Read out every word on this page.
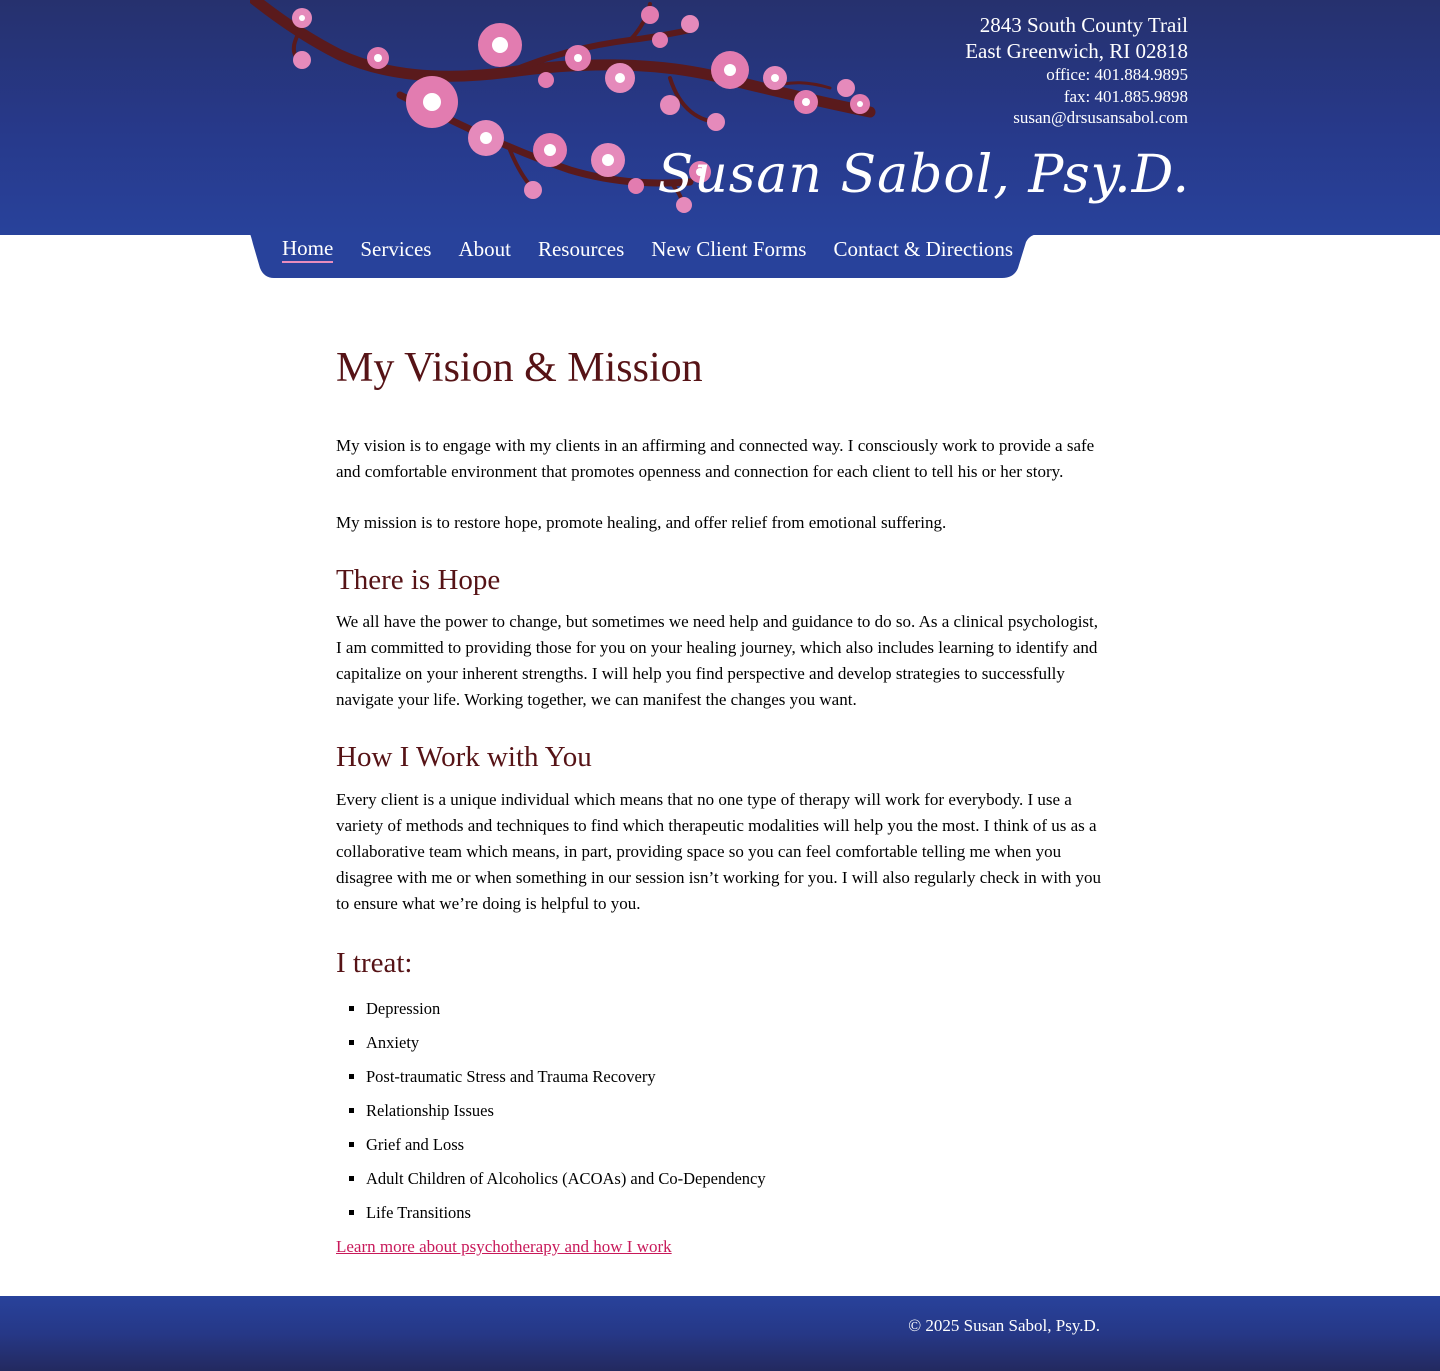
2843 South County Trail
East Greenwich, RI 02818
office: 401.884.9895
fax: 401.885.9898
susan@drsusansabol.com
Susan Sabol, Psy.D.
Home Services About Resources New Client Forms Contact & Directions
My Vision & Mission

My vision is to engage with my clients in an affirming and connected way. I consciously work to provide a safe and comfortable environment that promotes openness and connection for each client to tell his or her story.

My mission is to restore hope, promote healing, and offer relief from emotional suffering.

There is Hope

We all have the power to change, but sometimes we need help and guidance to do so. As a clinical psychologist, I am committed to providing those for you on your healing journey, which also includes learning to identify and capitalize on your inherent strengths. I will help you find perspective and develop strategies to successfully navigate your life. Working together, we can manifest the changes you want.

How I Work with You

Every client is a unique individual which means that no one type of therapy will work for everybody. I use a variety of methods and techniques to find which therapeutic modalities will help you the most. I think of us as a collaborative team which means, in part, providing space so you can feel comfortable telling me when you disagree with me or when something in our session isn’t working for you. I will also regularly check in with you to ensure what we’re doing is helpful to you.

I treat:
▪ Depression
▪ Anxiety
▪ Post-traumatic Stress and Trauma Recovery
▪ Relationship Issues
▪ Grief and Loss
▪ Adult Children of Alcoholics (ACOAs) and Co-Dependency
▪ Life Transitions
Learn more about psychotherapy and how I work
© 2025 Susan Sabol, Psy.D.
